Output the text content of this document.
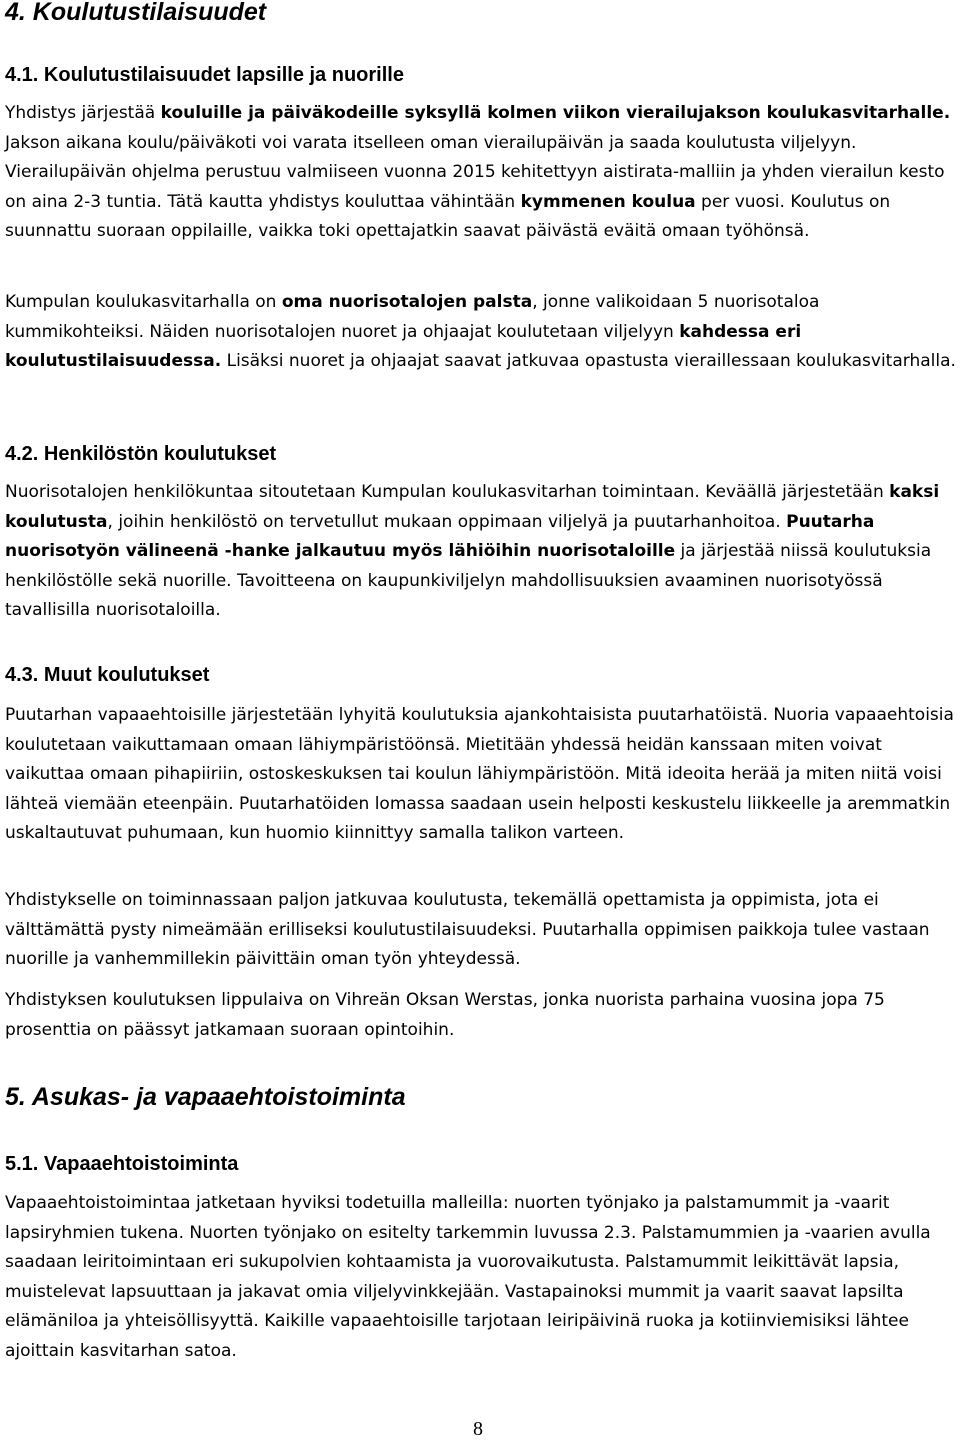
4. Koulutustilaisuudet
4.1. Koulutustilaisuudet lapsille ja nuorille

Yhdistys järjestää kouluille ja päiväkodeille syksyllä kolmen viikon vierailujakson koulukasvitarhalle. Jakson aikana koulu/päiväkoti voi varata itselleen oman vierailupäivän ja saada koulutusta viljelyyn. Vierailupäivän ohjelma perustuu valmiiseen vuonna 2015 kehitettyyn aistirata-malliin ja yhden vierailun kesto on aina 2-3 tuntia. Tätä kautta yhdistys kouluttaa vähintään kymmenen koulua per vuosi. Koulutus on suunnattu suoraan oppilaille, vaikka toki opettajatkin saavat päivästä eväitä omaan työhönsä.

Kumpulan koulukasvitarhalla on oma nuorisotalojen palsta, jonne valikoidaan 5 nuorisotaloa kummikohteiksi. Näiden nuorisotalojen nuoret ja ohjaajat koulutetaan viljelyyn kahdessa eri koulutustilaisuudessa. Lisäksi nuoret ja ohjaajat saavat jatkuvaa opastusta vieraillessaan koulukasvitarhalla.

4.2. Henkilöstön koulutukset

Nuorisotalojen henkilökuntaa sitoutetaan Kumpulan koulukasvitarhan toimintaan. Keväällä järjestetään kaksi koulutusta, joihin henkilöstö on tervetullut mukaan oppimaan viljelyä ja puutarhanhoitoa. Puutarha nuorisotyön välineenä -hanke jalkautuu myös lähiöihin nuorisotaloille ja järjestää niissä koulutuksia henkilöstölle sekä nuorille. Tavoitteena on kaupunkiviljelyn mahdollisuuksien avaaminen nuorisotyössä tavallisilla nuorisotaloilla.

4.3. Muut koulutukset

Puutarhan vapaaehtoisille järjestetään lyhyitä koulutuksia ajankohtaisista puutarhatöistä. Nuoria vapaaehtoisia koulutetaan vaikuttamaan omaan lähiympäristöönsä. Mietitään yhdessä heidän kanssaan miten voivat vaikuttaa omaan pihapiiriin, ostoskeskuksen tai koulun lähiympäristöön. Mitä ideoita herää ja miten niitä voisi lähteä viemään eteenpäin. Puutarhatöiden lomassa saadaan usein helposti keskustelu liikkeelle ja aremmatkin uskaltautuvat puhumaan, kun huomio kiinnittyy samalla talikon varteen.

Yhdistykselle on toiminnassaan paljon jatkuvaa koulutusta, tekemällä opettamista ja oppimista, jota ei välttämättä pysty nimeämään erilliseksi koulutustilaisuudeksi. Puutarhalla oppimisen paikkoja tulee vastaan nuorille ja vanhemmillekin päivittäin oman työn yhteydessä.

Yhdistyksen koulutuksen lippulaiva on Vihreän Oksan Werstas, jonka nuorista parhaina vuosina jopa 75 prosenttia on päässyt jatkamaan suoraan opintoihin.

5. Asukas- ja vapaaehtoistoiminta
5.1. Vapaaehtoistoiminta

Vapaaehtoistoimintaa jatketaan hyviksi todetuilla malleilla: nuorten työnjako ja palstamummit ja -vaarit lapsiryhmien tukena. Nuorten työnjako on esitelty tarkemmin luvussa 2.3. Palstamummien ja -vaarien avulla saadaan leiritoimintaan eri sukupolvien kohtaamista ja vuorovaikutusta. Palstamummit leikittävät lapsia, muistelevat lapsuuttaan ja jakavat omia viljelyvinkkejään. Vastapainoksi mummit ja vaarit saavat lapsilta elämäniloa ja yhteisöllisyyttä. Kaikille vapaaehtoisille tarjotaan leiripäivinä ruoka ja kotiinviemisiksi lähtee ajoittain kasvitarhan satoa.

8
